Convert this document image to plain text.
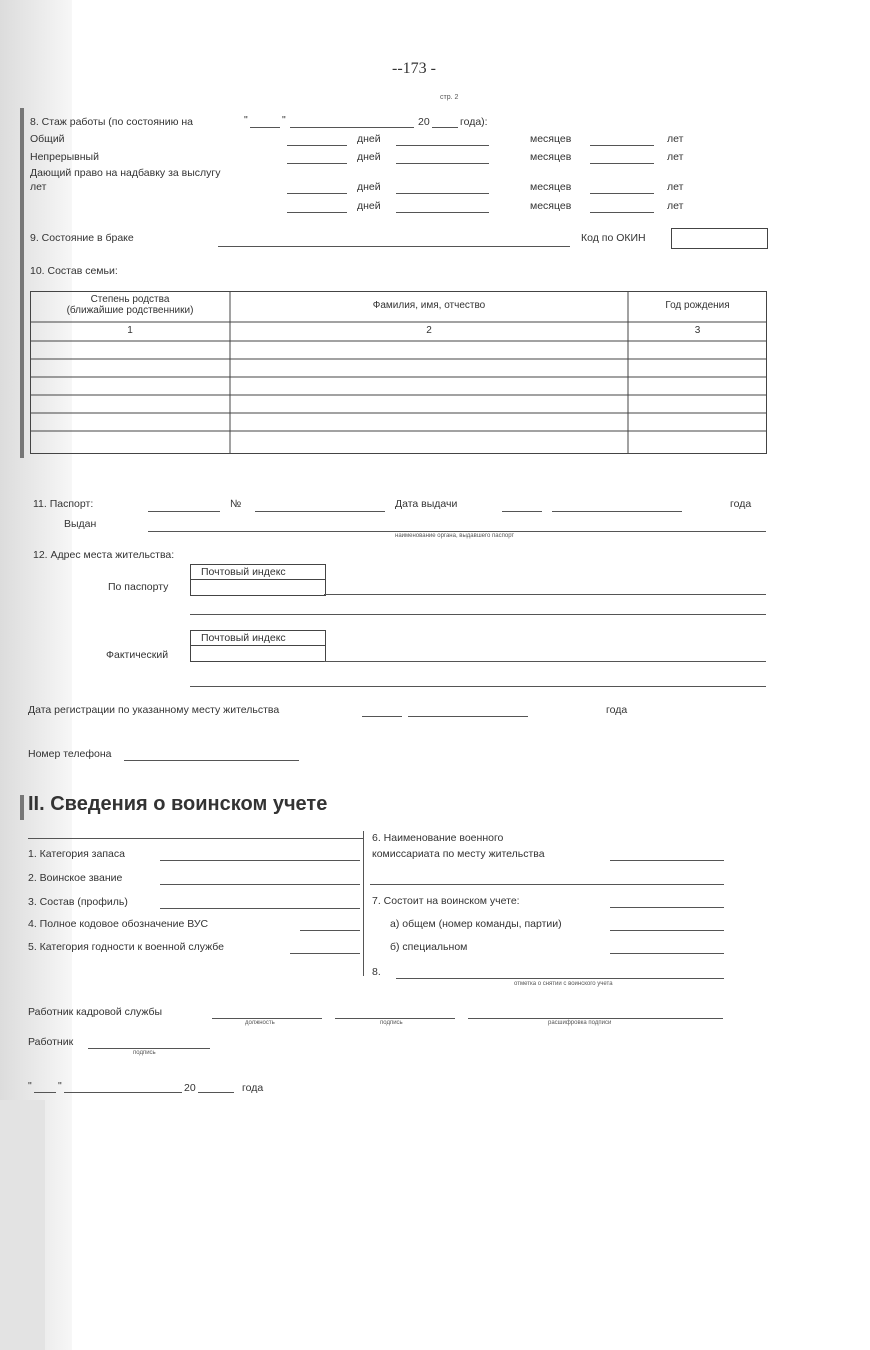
--173 -
стр. 2
8. Стаж работы (по состоянию на	"	"	20	года):
Общий	дней	месяцев	лет
Непрерывный	дней	месяцев	лет
Дающий право на надбавку за выслугу
лет	дней	месяцев	лет
дней	месяцев	лет
9. Состояние в браке	Код по ОКИН
10. Состав семьи:
Степень родства
(ближайшие родственники)	Фамилия, имя, отчество	Год рождения
1	2	3
11. Паспорт:	№	Дата выдачи	года
Выдан
наименование органа, выдавшего паспорт
12. Адрес места жительства:
Почтовый индекс
По паспорту
Почтовый индекс
Фактический
Дата регистрации по указанному месту жительства	года
Номер телефона
II. Сведения о воинском учете
1. Категория запаса
2. Воинское звание
3. Состав (профиль)
4. Полное кодовое обозначение ВУС
5. Категория годности к военной службе
6. Наименование военного
комиссариата по месту жительства
7. Состоит на воинском учете:
а) общем (номер команды, партии)
б) специальном
8.
отметка о снятии с воинского учета
Работник кадровой службы
должность	подпись	расшифровка подписи
Работник
подпись
"	"	20	года
